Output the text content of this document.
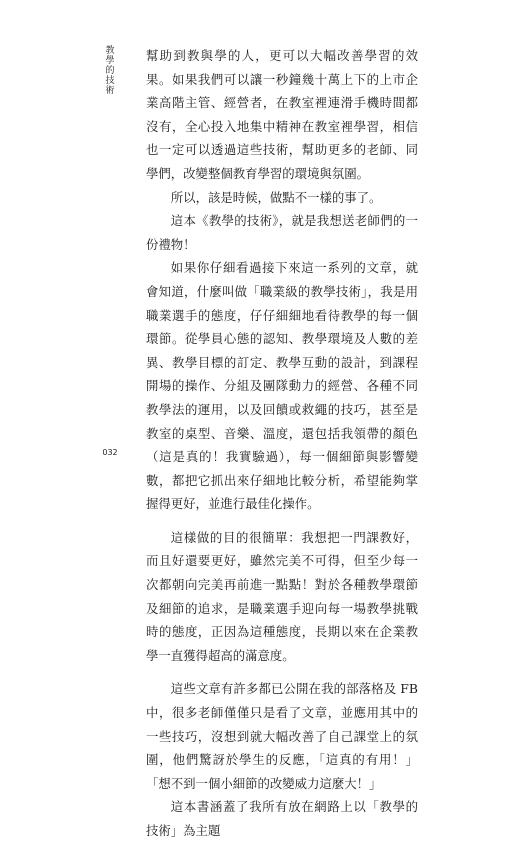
教學的技術
032

幫助到教與學的人，更可以大幅改善學習的效果。如果我們可以讓一秒鐘幾十萬上下的上市企業高階主管、經營者，在教室裡連滑手機時間都沒有，全心投入地集中精神在教室裡學習，相信也一定可以透過這些技術，幫助更多的老師、同學們，改變整個教育學習的環境與氛圍。

所以，該是時候，做點不一樣的事了。

這本《教學的技術》，就是我想送老師們的一份禮物！

如果你仔細看過接下來這一系列的文章，就會知道，什麼叫做「職業級的教學技術」，我是用職業選手的態度，仔仔細細地看待教學的每一個環節。從學員心態的認知、教學環境及人數的差異、教學目標的訂定、教學互動的設計，到課程開場的操作、分組及團隊動力的經營、各種不同教學法的運用，以及回饋或救繩的技巧，甚至是教室的桌型、音樂、溫度，還包括我領帶的顏色（這是真的！我實驗過），每一個細節與影響變數，都把它抓出來仔細地比較分析，希望能夠掌握得更好，並進行最佳化操作。

這樣做的目的很簡單：我想把一門課教好，而且好還要更好，雖然完美不可得，但至少每一次都朝向完美再前進一點點！對於各種教學環節及細節的追求，是職業選手迎向每一場教學挑戰時的態度，正因為這種態度，長期以來在企業教學一直獲得超高的滿意度。

這些文章有許多都已公開在我的部落格及 FB 中，很多老師僅僅只是看了文章，並應用其中的一些技巧，沒想到就大幅改善了自己課堂上的氛圍，他們驚訝於學生的反應，「這真的有用！」「想不到一個小細節的改變威力這麼大！」

這本書涵蓋了我所有放在網路上以「教學的技術」為主題
